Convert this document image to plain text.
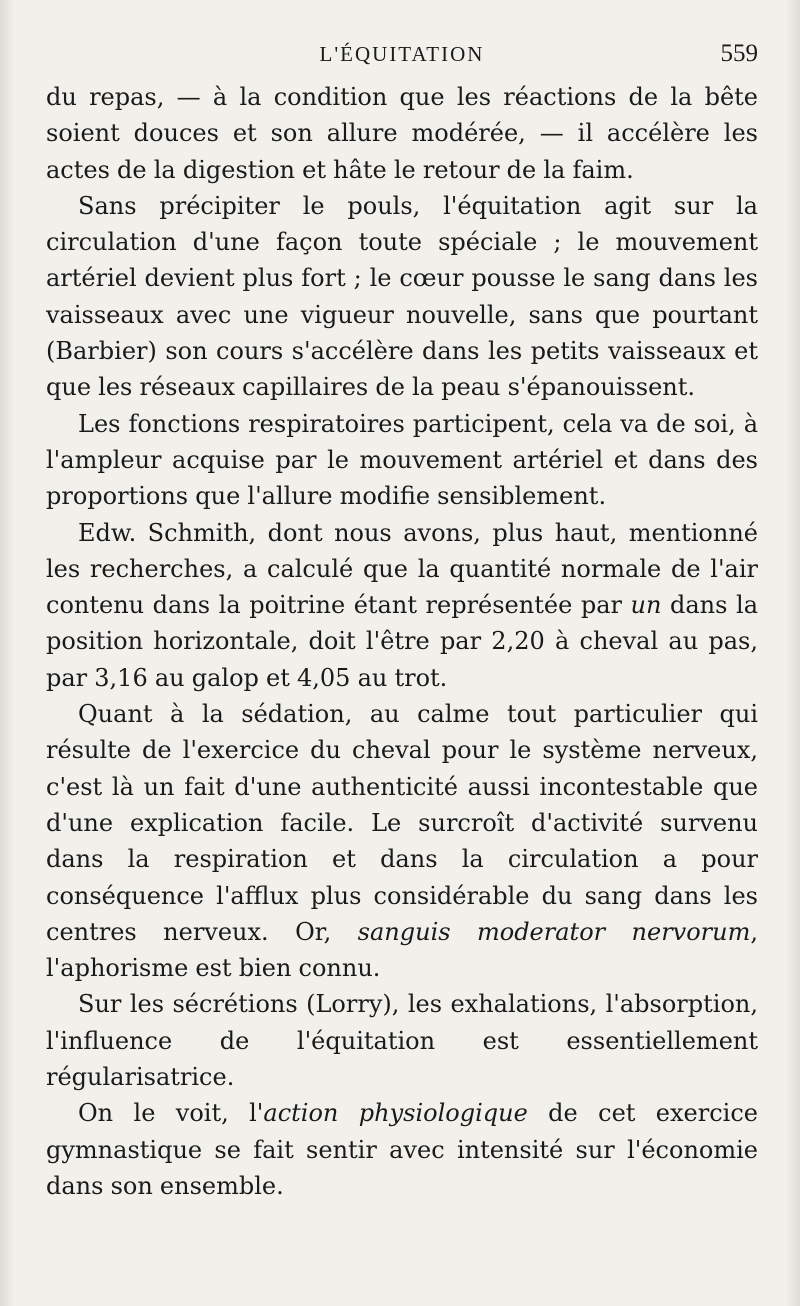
L'ÉQUITATION	559

du repas, — à la condition que les réactions de la bête soient douces et son allure modérée, — il accélère les actes de la digestion et hâte le retour de la faim.

Sans précipiter le pouls, l'équitation agit sur la circulation d'une façon toute spéciale ; le mouvement artériel devient plus fort ; le cœur pousse le sang dans les vaisseaux avec une vigueur nouvelle, sans que pourtant (Barbier) son cours s'accélère dans les petits vaisseaux et que les réseaux capillaires de la peau s'épanouissent.

Les fonctions respiratoires participent, cela va de soi, à l'ampleur acquise par le mouvement artériel et dans des proportions que l'allure modifie sensiblement.

Edw. Schmith, dont nous avons, plus haut, mentionné les recherches, a calculé que la quantité normale de l'air contenu dans la poitrine étant représentée par un dans la position horizontale, doit l'être par 2,20 à cheval au pas, par 3,16 au galop et 4,05 au trot.

Quant à la sédation, au calme tout particulier qui résulte de l'exercice du cheval pour le système nerveux, c'est là un fait d'une authenticité aussi incontestable que d'une explication facile. Le surcroît d'activité survenu dans la respiration et dans la circulation a pour conséquence l'afflux plus considérable du sang dans les centres nerveux. Or, sanguis moderator nervorum, l'aphorisme est bien connu.

Sur les sécrétions (Lorry), les exhalations, l'absorption, l'influence de l'équitation est essentiellement régularisatrice.

On le voit, l'action physiologique de cet exercice gymnastique se fait sentir avec intensité sur l'économie dans son ensemble.
